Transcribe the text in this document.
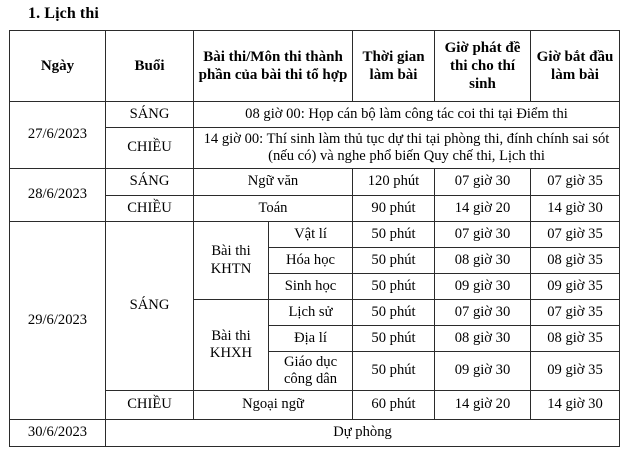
1. Lịch thi
Ngày	Buổi	Bài thi/Môn thi thành phần của bài thi tổ hợp		Thời gian làm bài	Giờ phát đề thi cho thí sinh	Giờ bắt đầu làm bài
27/6/2023	SÁNG	08 giờ 00: Họp cán bộ làm công tác coi thi tại Điểm thi				
	CHIỀU	14 giờ 00: Thí sinh làm thủ tục dự thi tại phòng thi, đính chính sai sót (nếu có) và nghe phổ biến Quy chế thi, Lịch thi				
28/6/2023	SÁNG	Ngữ văn		120 phút	07 giờ 30	07 giờ 35
	CHIỀU	Toán		90 phút	14 giờ 20	14 giờ 30
29/6/2023	SÁNG	Bài thi KHTN	Vật lí	50 phút	07 giờ 30	07 giờ 35
			Hóa học	50 phút	08 giờ 30	08 giờ 35
			Sinh học	50 phút	09 giờ 30	09 giờ 35
		Bài thi KHXH	Lịch sử	50 phút	07 giờ 30	07 giờ 35
			Địa lí	50 phút	08 giờ 30	08 giờ 35
			Giáo dục công dân	50 phút	09 giờ 30	09 giờ 35
	CHIỀU	Ngoại ngữ		60 phút	14 giờ 20	14 giờ 30
30/6/2023	Dự phòng					
